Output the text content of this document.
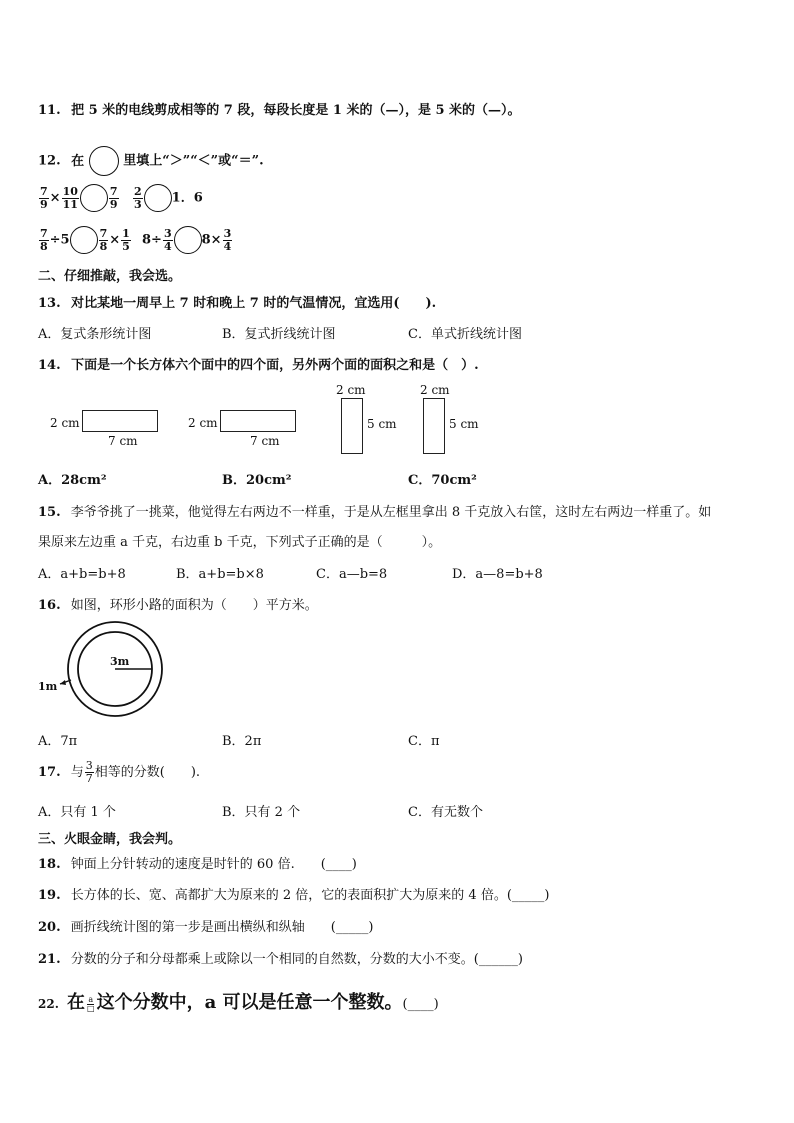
11. 把 5 米的电线剪成相等的 7 段，每段长度是 1 米的（—），是 5 米的（—）。
12. 在	里填上“＞”“＜”或“＝”.
$\frac{7}{9} \times \frac{10}{11}$	$\frac{7}{9} \frac{2}{3} 1$．6
$\frac{7}{8} \div 5$	$\frac{7}{8} \times \frac{1}{5} 8\div \frac{3}{4} 8\times \frac{3}{4}$
二、仔细推敲，我会选。
13. 对比某地一周早上 7 时和晚上 7 时的气温情况，宜选用(　　).
A．复式条形统计图	B．复式折线统计图	C．单式折线统计图
14. 下面是一个长方体六个面中的四个面，另外两个面的面积之和是（　）.
2 cm
7 cm
2 cm
7 cm
2 cm
5 cm
2 cm
5 cm
A．28cm²	B．20cm²	C．70cm²
15. 李爷爷挑了一挑菜，他觉得左右两边不一样重，于是从左框里拿出 8 千克放入右筐，这时左右两边一样重了。如
果原来左边重 a 千克，右边重 b 千克，下列式子正确的是（　　　）。
A．a+b=b+8	B．a+b=b×8	C．a—b=8	D．a—8=b+8
16. 如图，环形小路的面积为（　　）平方米。
3m
1m
A．7π	B．2π	C．π
17. 与 $\frac{3}{7}$ 相等的分数(　　).
A．只有 1 个	B．只有 2 个	C．有无数个
三、火眼金睛，我会判。
18. 钟面上分针转动的速度是时针的 60 倍.　　(____)
19. 长方体的长、宽、高都扩大为原来的 2 倍，它的表面积扩大为原来的 4 倍。(_____)
20. 画折线统计图的第一步是画出横纵和纵轴　　(_____)
21. 分数的分子和分母都乘上或除以一个相同的自然数，分数的大小不变。(______)
22. 在 $\frac{a}{□}$ 这个分数中，a 可以是任意一个整数。(____)
